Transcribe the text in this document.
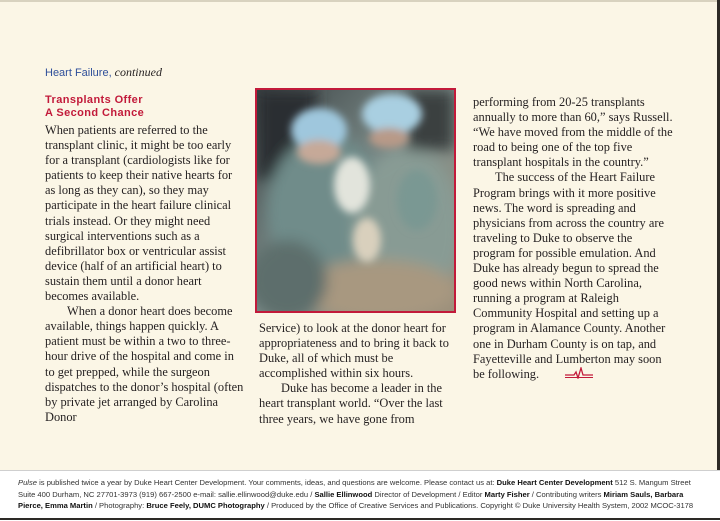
Heart Failure, continued
Transplants Offer
A Second Chance

When patients are referred to the transplant clinic, it might be too early for a transplant (cardiologists like for patients to keep their native hearts for as long as they can), so they may participate in the heart failure clinical trials instead. Or they might need surgical interventions such as a defibrillator box or ventricular assist device (half of an artificial heart) to sustain them until a donor heart becomes available.

When a donor heart does become available, things happen quickly. A patient must be within a two to three-hour drive of the hospital and come in to get prepped, while the surgeon dispatches to the donor’s hospital (often by private jet arranged by Carolina Donor

Service) to look at the donor heart for appropriateness and to bring it back to Duke, all of which must be accomplished within six hours.

Duke has become a leader in the heart transplant world. “Over the last three years, we have gone from

performing from 20-25 transplants annually to more than 60,” says Russell. “We have moved from the middle of the road to being one of the top five transplant hospitals in the country.”

The success of the Heart Failure Program brings with it more positive news. The word is spreading and physicians from across the country are traveling to Duke to observe the program for possible emulation. And Duke has already begun to spread the good news within North Carolina, running a program at Raleigh Community Hospital and setting up a program in Alamance County. Another one in Durham County is on tap, and Fayetteville and Lumberton may soon be following.

Pulse is published twice a year by Duke Heart Center Development. Your comments, ideas, and questions are welcome. Please contact us at: Duke Heart Center Development 512 S. Mangum Street Suite 400 Durham, NC 27701-3973 (919) 667-2500 e-mail: sallie.ellinwood@duke.edu / Sallie Ellinwood Director of Development / Editor Marty Fisher / Contributing writers Miriam Sauls, Barbara Pierce, Emma Martin / Photography: Bruce Feely, DUMC Photography / Produced by the Office of Creative Services and Publications. Copyright © Duke University Health System, 2002 MCOC-3178
